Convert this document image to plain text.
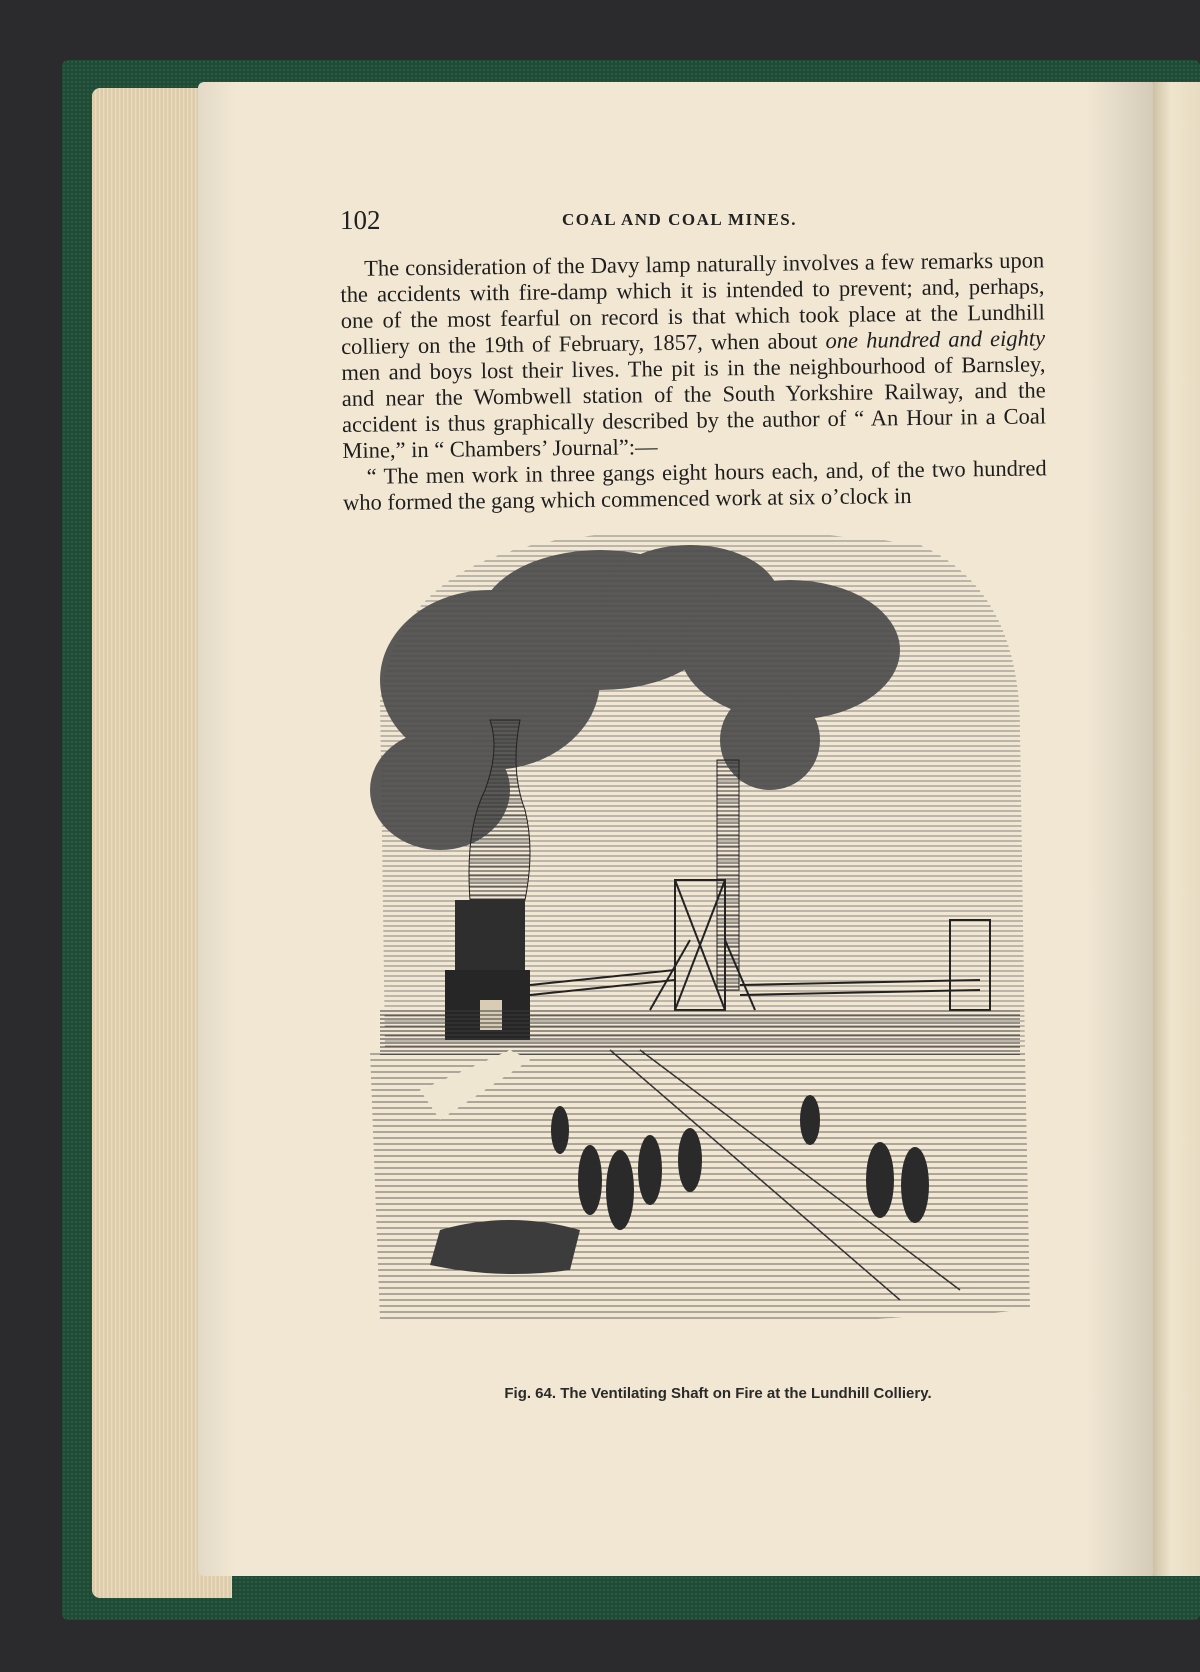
102	COAL AND COAL MINES.

The consideration of the Davy lamp naturally involves a few remarks upon the accidents with fire-damp which it is intended to prevent; and, perhaps, one of the most fearful on record is that which took place at the Lundhill colliery on the 19th of February, 1857, when about one hundred and eighty men and boys lost their lives. The pit is in the neighbourhood of Barnsley, and near the Wombwell station of the South Yorkshire Railway, and the accident is thus graphically described by the author of “ An Hour in a Coal Mine,” in “ Chambers’ Journal”:—

“ The men work in three gangs eight hours each, and, of the two hundred who formed the gang which commenced work at six o’clock in

Fig. 64. The Ventilating Shaft on Fire at the Lundhill Colliery.
